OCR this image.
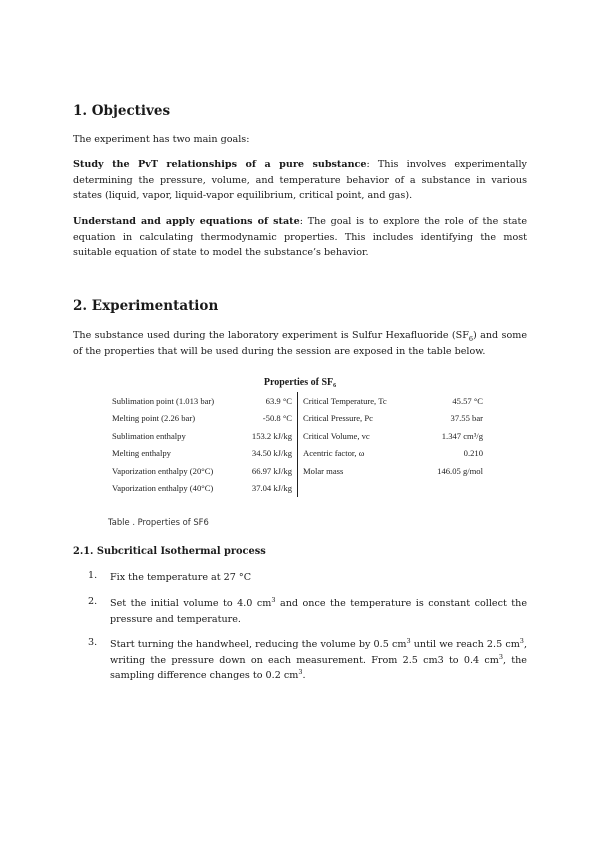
1. Objectives

The experiment has two main goals:

Study the PvT relationships of a pure substance: This involves experimentally determining the pressure, volume, and temperature behavior of a substance in various states (liquid, vapor, liquid-vapor equilibrium, critical point, and gas).

Understand and apply equations of state: The goal is to explore the role of the state equation in calculating thermodynamic properties. This includes identifying the most suitable equation of state to model the substance’s behavior.

2. Experimentation

The substance used during the laboratory experiment is Sulfur Hexafluoride $(SF_6)$ and some of the properties that will be used during the session are exposed in the table below.

Properties of SF₆
Sublimation point (1.013 bar)	63.9 °C	Critical Temperature, Tc	45.57 °C
Melting point (2.26 bar)	-50.8 °C	Critical Pressure, Pc	37.55 bar
Sublimation enthalpy	153.2 kJ/kg	Critical Volume, vc	1.347 cm³/g
Melting enthalpy	34.50 kJ/kg	Acentric factor, ω	0.210
Vaporization enthalpy (20°C)	66.97 kJ/kg	Molar mass	146.05 g/mol
Vaporization enthalpy (40°C)	37.04 kJ/kg		
Table . Properties of SF6
2.1. Subcritical Isothermal process
1. Fix the temperature at 27 °C

2. Set the initial volume to 4.0 $cm^3$ and once the temperature is constant collect the pressure and temperature.

3. Start turning the handwheel, reducing the volume by 0.5 $cm^3$ until we reach 2.5 $cm^3$, writing the pressure down on each measurement. From 2.5 cm3 to 0.4 $cm^3$, the sampling difference changes to 0.2 $cm^3$.
